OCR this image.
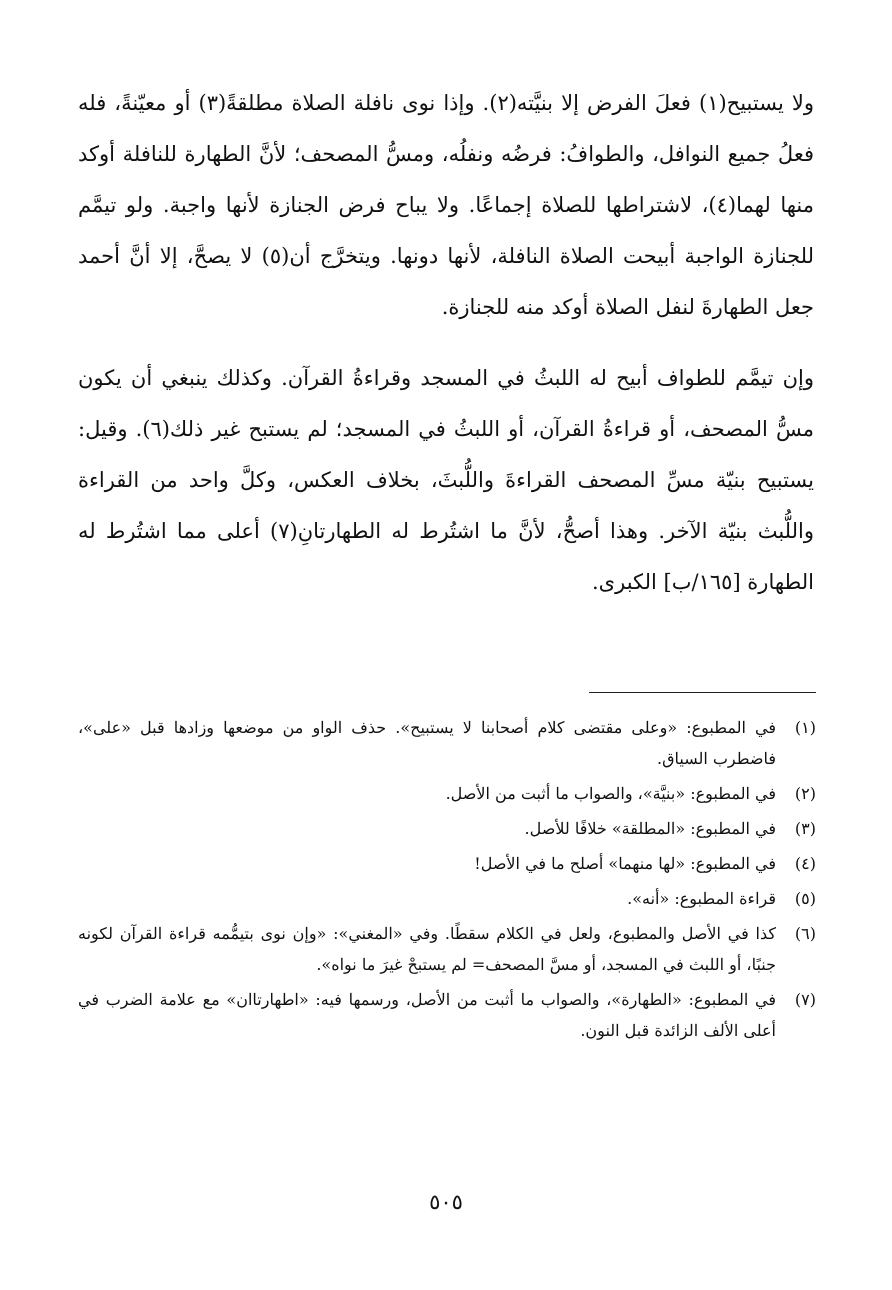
ولا يستبيح(١) فعلَ الفرض إلا بنيَّته(٢). وإذا نوى نافلة الصلاة مطلقةً(٣) أو معيّنةً، فله فعلُ جميع النوافل، والطوافُ: فرضُه ونفلُه، ومسُّ المصحف؛ لأنَّ الطهارة للنافلة أوكد منها لهما(٤)، لاشتراطها للصلاة إجماعًا. ولا يباح فرض الجنازة لأنها واجبة. ولو تيمَّم للجنازة الواجبة أبيحت الصلاة النافلة، لأنها دونها. ويتخرَّج أن(٥) لا يصحَّ، إلا أنَّ أحمد جعل الطهارةَ لنفل الصلاة أوكد منه للجنازة.

وإن تيمَّم للطواف أبيح له اللبثُ في المسجد وقراءةُ القرآن. وكذلك ينبغي أن يكون مسُّ المصحف، أو قراءةُ القرآن، أو اللبثُ في المسجد؛ لم يستبح غير ذلك(٦). وقيل: يستبيح بنيّة مسِّ المصحف القراءةَ واللُّبثَ، بخلاف العكس، وكلَّ واحد من القراءة واللُّبث بنيّة الآخر. وهذا أصحُّ، لأنَّ ما اشتُرط له الطهارتانِ(٧) أعلى مما اشتُرط له الطهارة [١٦٥/ب] الكبرى.

(١)
في المطبوع: «وعلى مقتضى كلام أصحابنا لا يستبيح». حذف الواو من موضعها وزادها قبل «على»، فاضطرب السياق.
(٢)
في المطبوع: «بنيَّة»، والصواب ما أثبت من الأصل.
(٣)
في المطبوع: «المطلقة» خلافًا للأصل.
(٤)
في المطبوع: «لها منهما» أصلح ما في الأصل!
(٥)
قراءة المطبوع: «أنه».
(٦)
كذا في الأصل والمطبوع، ولعل في الكلام سقطًا. وفي «المغني»: «وإن نوى بتيمُّمه قراءة القرآن لكونه جنبًا، أو اللبث في المسجد، أو مسَّ المصحف= لم يستبحْ غيرَ ما نواه».
(٧)
في المطبوع: «الطهارة»، والصواب ما أثبت من الأصل، ورسمها فيه: «اطهارتاان» مع علامة الضرب في أعلى الألف الزائدة قبل النون.
٥٠٥
